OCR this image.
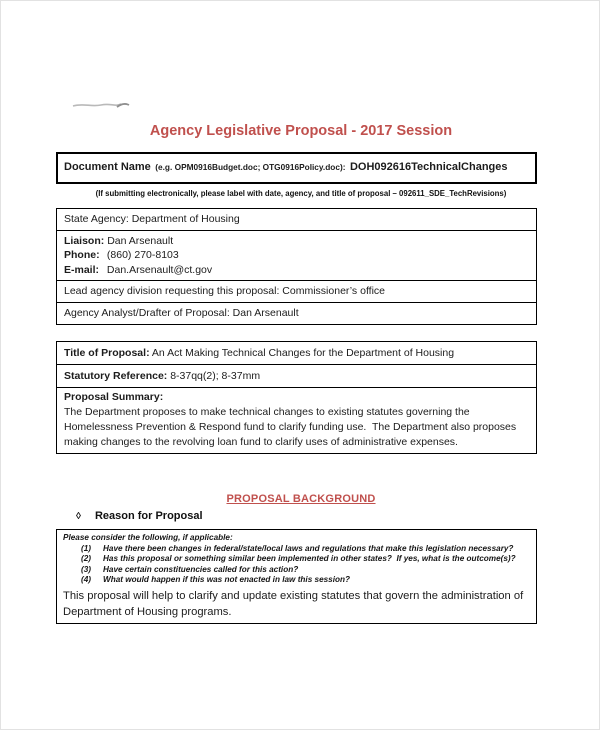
Agency Legislative Proposal - 2017 Session
Document Name (e.g. OPM0916Budget.doc; OTG0916Policy.doc): DOH092616TechnicalChanges
(If submitting electronically, please label with date, agency, and title of proposal – 092611_SDE_TechRevisions)
State Agency: Department of Housing
Liaison: Dan Arsenault
Phone: (860) 270-8103
E-mail: Dan.Arsenault@ct.gov
Lead agency division requesting this proposal: Commissioner’s office
Agency Analyst/Drafter of Proposal: Dan Arsenault
Title of Proposal: An Act Making Technical Changes for the Department of Housing
Statutory Reference: 8-37qq(2); 8-37mm
Proposal Summary:
The Department proposes to make technical changes to existing statutes governing the Homelessness Prevention & Respond fund to clarify funding use.  The Department also proposes making changes to the revolving loan fund to clarify uses of administrative expenses.
PROPOSAL BACKGROUND
◊ Reason for Proposal
Please consider the following, if applicable:
(1)	Have there been changes in federal/state/local laws and regulations that make this legislation necessary?
(2)	Has this proposal or something similar been implemented in other states?  If yes, what is the outcome(s)?
(3)	Have certain constituencies called for this action?
(4)	What would happen if this was not enacted in law this session?
This proposal will help to clarify and update existing statutes that govern the administration of Department of Housing programs.
